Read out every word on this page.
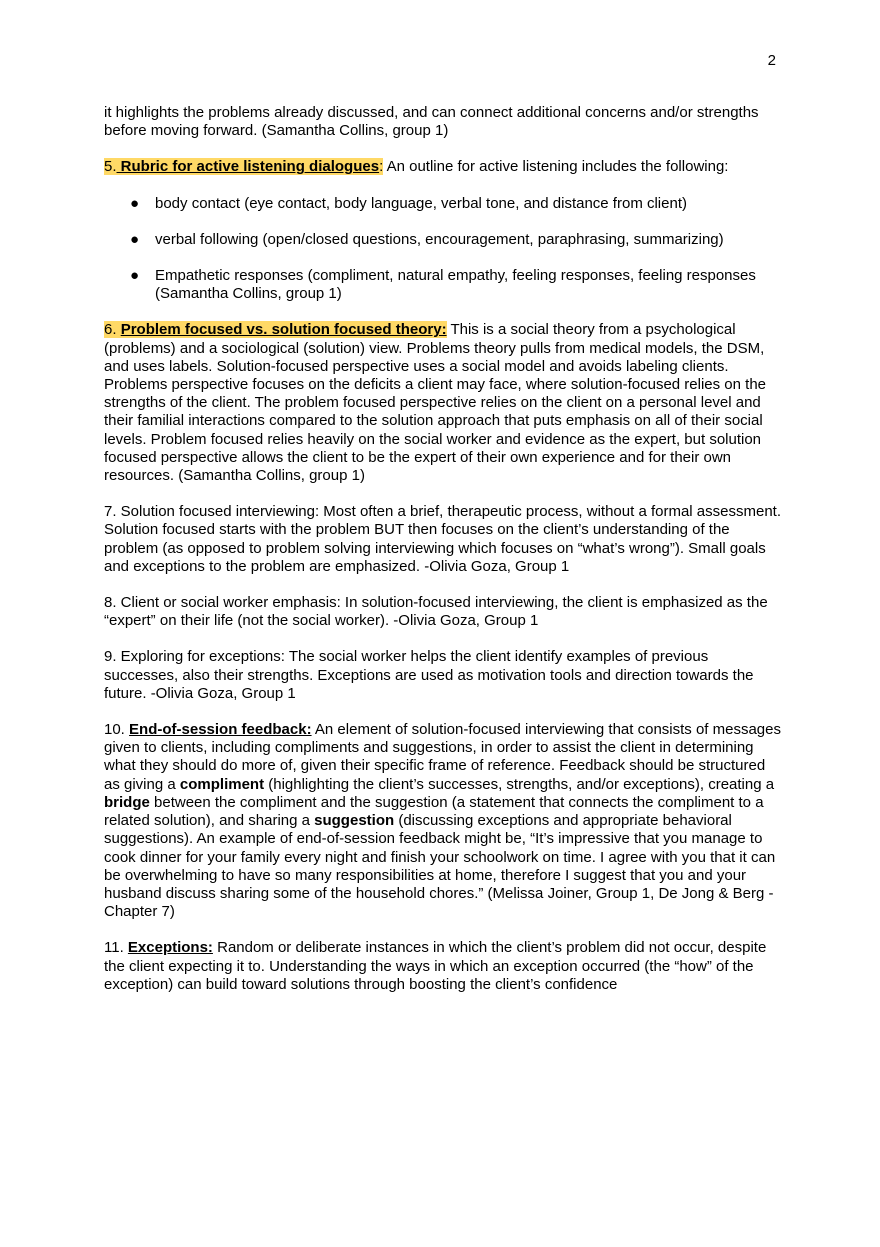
2

it highlights the problems already discussed, and can connect additional concerns and/or strengths before moving forward. (Samantha Collins, group 1)

5. Rubric for active listening dialogues: An outline for active listening includes the following:

● body contact (eye contact, body language, verbal tone, and distance from client)
● verbal following (open/closed questions, encouragement, paraphrasing, summarizing)
● Empathetic responses (compliment, natural empathy, feeling responses, feeling responses (Samantha Collins, group 1)

6. Problem focused vs. solution focused theory: This is a social theory from a psychological (problems) and a sociological (solution) view. Problems theory pulls from medical models, the DSM, and uses labels. Solution-focused perspective uses a social model and avoids labeling clients. Problems perspective focuses on the deficits a client may face, where solution-focused relies on the strengths of the client. The problem focused perspective relies on the client on a personal level and their familial interactions compared to the solution approach that puts emphasis on all of their social levels. Problem focused relies heavily on the social worker and evidence as the expert, but solution focused perspective allows the client to be the expert of their own experience and for their own resources. (Samantha Collins, group 1)

7. Solution focused interviewing: Most often a brief, therapeutic process, without a formal assessment. Solution focused starts with the problem BUT then focuses on the client’s understanding of the problem (as opposed to problem solving interviewing which focuses on “what’s wrong”). Small goals and exceptions to the problem are emphasized. -Olivia Goza, Group 1

8. Client or social worker emphasis: In solution-focused interviewing, the client is emphasized as the “expert” on their life (not the social worker). -Olivia Goza, Group 1

9. Exploring for exceptions: The social worker helps the client identify examples of previous successes, also their strengths. Exceptions are used as motivation tools and direction towards the future. -Olivia Goza, Group 1

10. End-of-session feedback: An element of solution-focused interviewing that consists of messages given to clients, including compliments and suggestions, in order to assist the client in determining what they should do more of, given their specific frame of reference. Feedback should be structured as giving a compliment (highlighting the client’s successes, strengths, and/or exceptions), creating a bridge between the compliment and the suggestion (a statement that connects the compliment to a related solution), and sharing a suggestion (discussing exceptions and appropriate behavioral suggestions). An example of end-of-session feedback might be, “It’s impressive that you manage to cook dinner for your family every night and finish your schoolwork on time. I agree with you that it can be overwhelming to have so many responsibilities at home, therefore I suggest that you and your husband discuss sharing some of the household chores.” (Melissa Joiner, Group 1, De Jong & Berg - Chapter 7)

11. Exceptions: Random or deliberate instances in which the client’s problem did not occur, despite the client expecting it to. Understanding the ways in which an exception occurred (the “how” of the exception) can build toward solutions through boosting the client’s confidence
